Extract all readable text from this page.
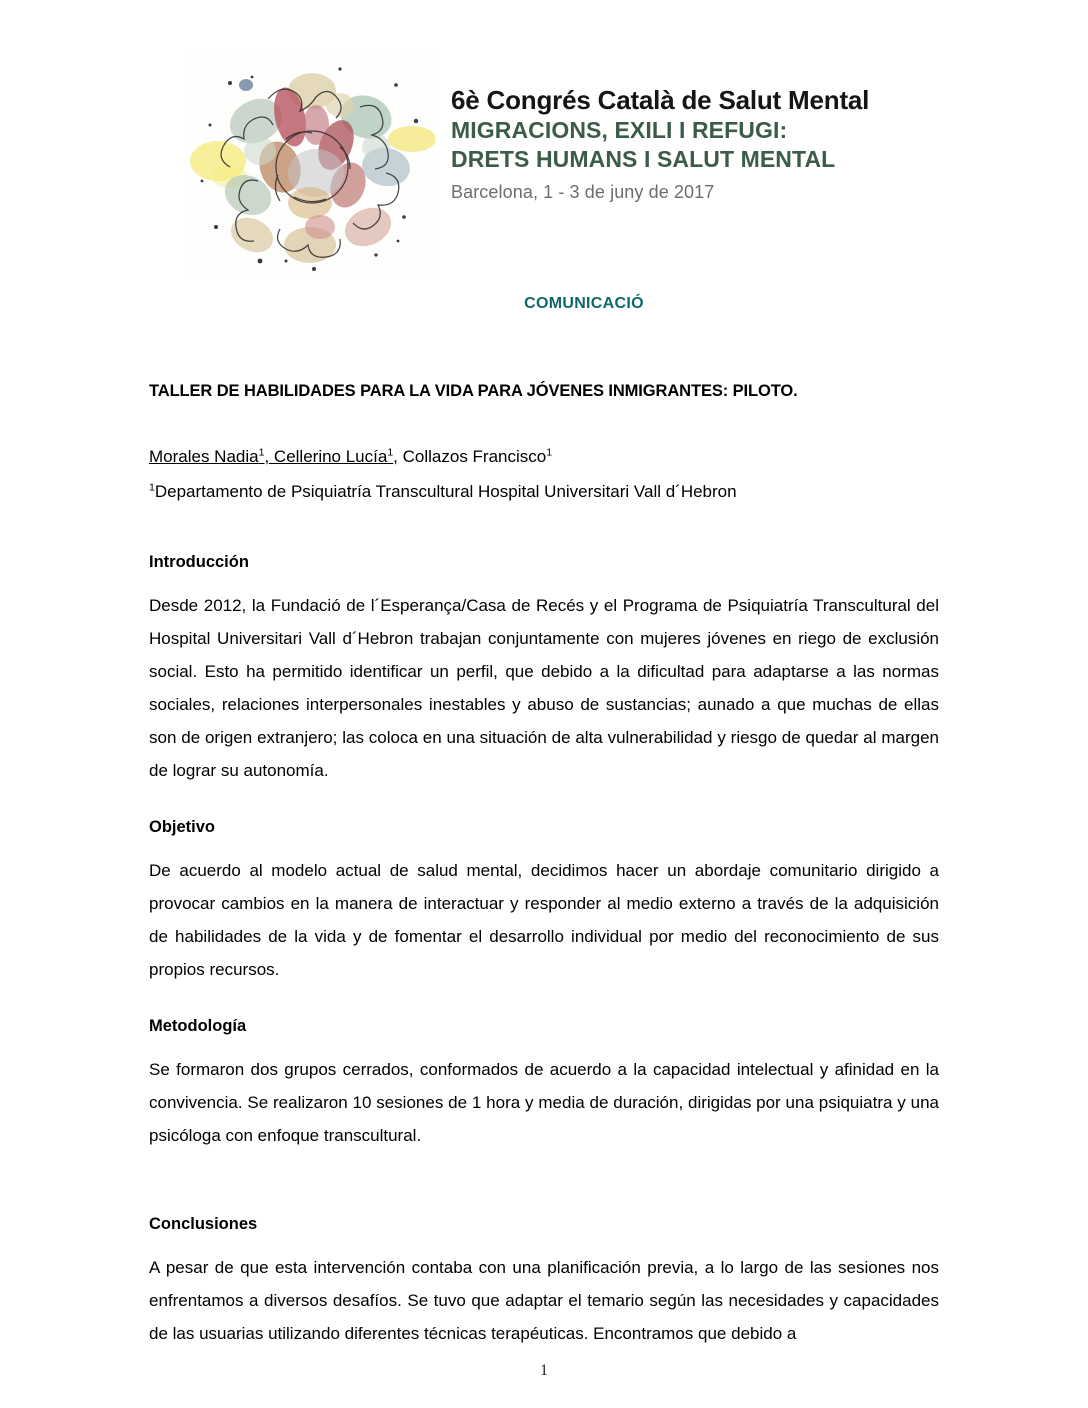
6è Congrés Català de Salut Mental
MIGRACIONS, EXILI I REFUGI:
DRETS HUMANS I SALUT MENTAL
Barcelona, 1 - 3 de juny de 2017
COMUNICACIÓ
TALLER DE HABILIDADES PARA LA VIDA PARA JÓVENES INMIGRANTES: PILOTO.
Morales Nadia$^1$, Cellerino Lucía$^1$, Collazos Francisco$^1$
$^1$Departamento de Psiquiatría Transcultural Hospital Universitari Vall d´Hebron
Introducción
Desde 2012, la Fundació de l´Esperança/Casa de Recés y el Programa de Psiquiatría Transcultural del Hospital Universitari Vall d´Hebron trabajan conjuntamente con mujeres jóvenes en riego de exclusión social. Esto ha permitido identificar un perfil, que debido a la dificultad para adaptarse a las normas sociales, relaciones interpersonales inestables y abuso de sustancias; aunado a que muchas de ellas son de origen extranjero; las coloca en una situación de alta vulnerabilidad y riesgo de quedar al margen de lograr su autonomía.
Objetivo
De acuerdo al modelo actual de salud mental, decidimos hacer un abordaje comunitario dirigido a provocar cambios en la manera de interactuar y responder al medio externo a través de la adquisición de habilidades de la vida y de fomentar el desarrollo individual por medio del reconocimiento de sus propios recursos.
Metodología
Se formaron dos grupos cerrados, conformados de acuerdo a la capacidad intelectual y afinidad en la convivencia. Se realizaron 10 sesiones de 1 hora y media de duración, dirigidas por una psiquiatra y una psicóloga con enfoque transcultural.
Conclusiones
A pesar de que esta intervención contaba con una planificación previa, a lo largo de las sesiones nos enfrentamos a diversos desafíos. Se tuvo que adaptar el temario según las necesidades y capacidades de las usuarias utilizando diferentes técnicas terapéuticas. Encontramos que debido a
1
